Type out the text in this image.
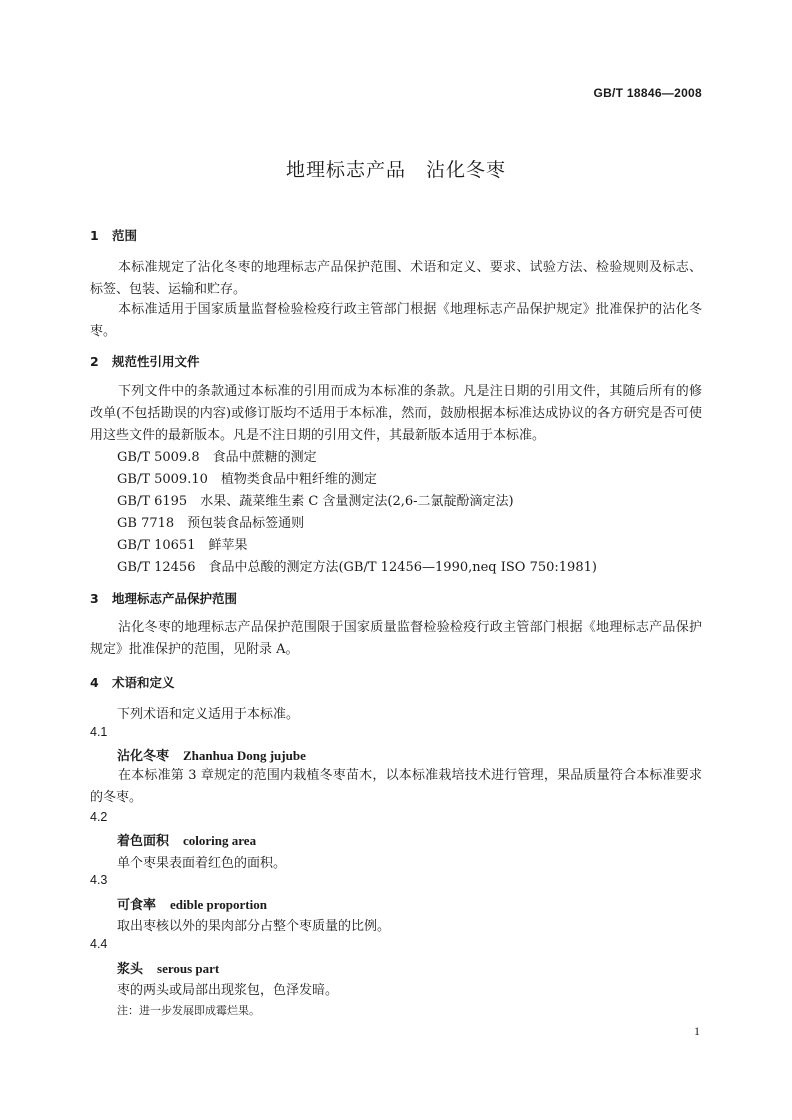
GB/T 18846—2008
地理标志产品　沾化冬枣
1 范围
本标准规定了沾化冬枣的地理标志产品保护范围、术语和定义、要求、试验方法、检验规则及标志、标签、包装、运输和贮存。
本标准适用于国家质量监督检验检疫行政主管部门根据《地理标志产品保护规定》批准保护的沾化冬枣。
2 规范性引用文件
下列文件中的条款通过本标准的引用而成为本标准的条款。凡是注日期的引用文件，其随后所有的修改单(不包括勘误的内容)或修订版均不适用于本标准，然而，鼓励根据本标准达成协议的各方研究是否可使用这些文件的最新版本。凡是不注日期的引用文件，其最新版本适用于本标准。
GB/T 5009.8　食品中蔗糖的测定
GB/T 5009.10　植物类食品中粗纤维的测定
GB/T 6195　水果、蔬菜维生素 C 含量测定法(2,6-二氯靛酚滴定法)
GB 7718　预包装食品标签通则
GB/T 10651　鲜苹果
GB/T 12456　食品中总酸的测定方法(GB/T 12456—1990,neq ISO 750:1981)
3 地理标志产品保护范围
沾化冬枣的地理标志产品保护范围限于国家质量监督检验检疫行政主管部门根据《地理标志产品保护规定》批准保护的范围，见附录 A。
4 术语和定义
下列术语和定义适用于本标准。
4.1
沾化冬枣 Zhanhua Dong jujube
在本标准第 3 章规定的范围内栽植冬枣苗木，以本标准栽培技术进行管理，果品质量符合本标准要求的冬枣。
4.2
着色面积 coloring area
单个枣果表面着红色的面积。
4.3
可食率 edible proportion
取出枣核以外的果肉部分占整个枣质量的比例。
4.4
浆头 serous part
枣的两头或局部出现浆包，色泽发暗。
注：进一步发展即成霉烂果。
1
